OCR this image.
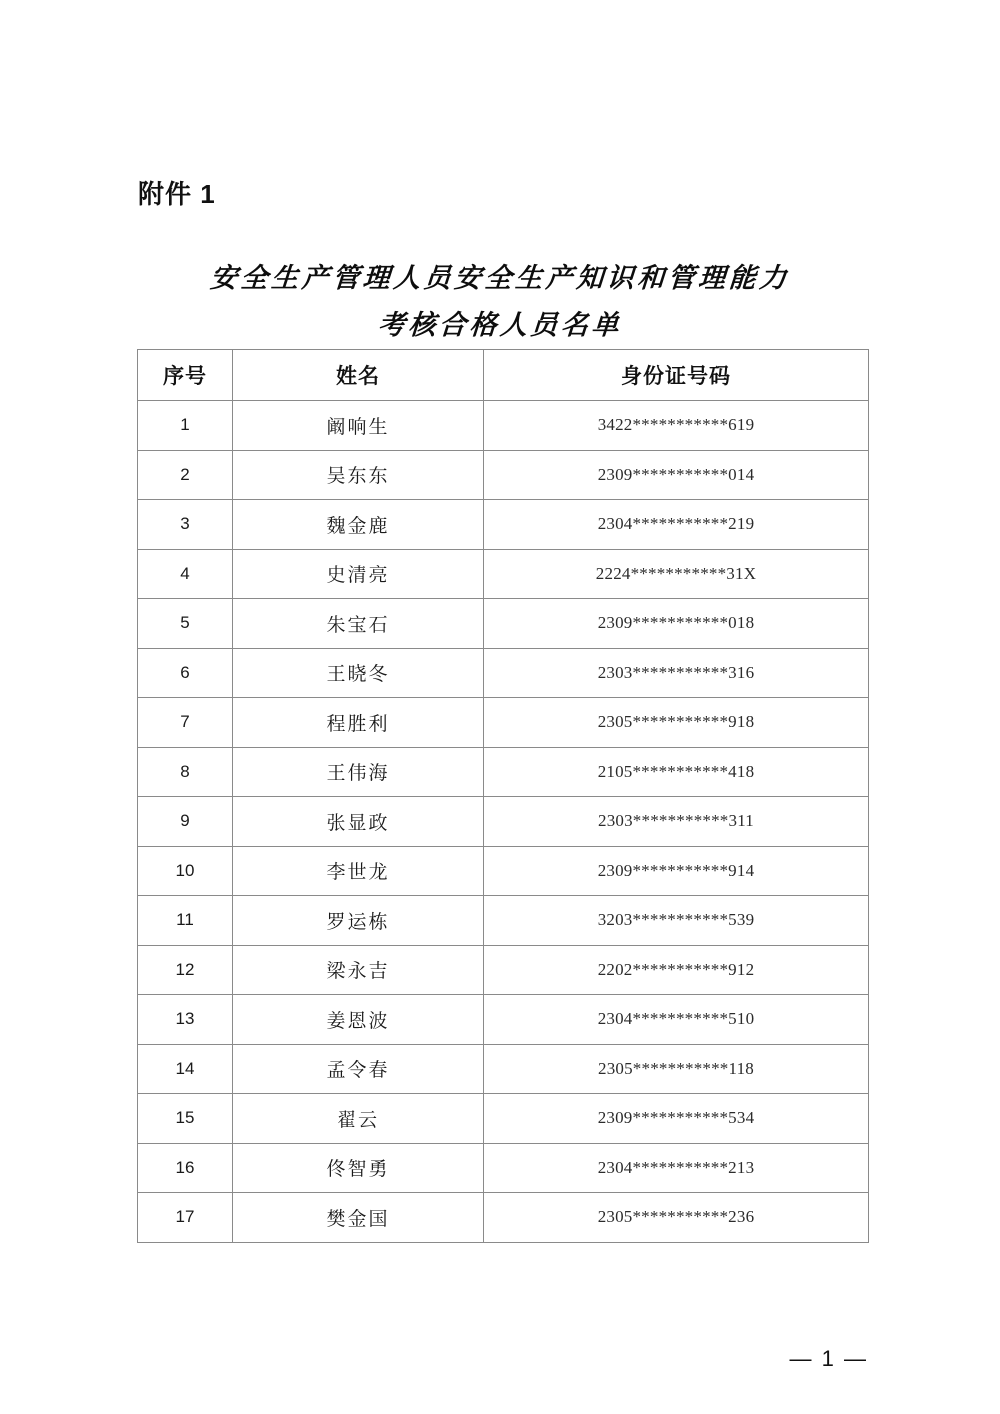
附件 1
安全生产管理人员安全生产知识和管理能力
考核合格人员名单
序号	姓名	身份证号码
1	阚响生	3422***********619
2	吴东东	2309***********014
3	魏金鹿	2304***********219
4	史清亮	2224***********31X
5	朱宝石	2309***********018
6	王晓冬	2303***********316
7	程胜利	2305***********918
8	王伟海	2105***********418
9	张显政	2303***********311
10	李世龙	2309***********914
11	罗运栋	3203***********539
12	梁永吉	2202***********912
13	姜恩波	2304***********510
14	孟令春	2305***********118
15	翟云	2309***********534
16	佟智勇	2304***********213
17	樊金国	2305***********236
— 1 —
